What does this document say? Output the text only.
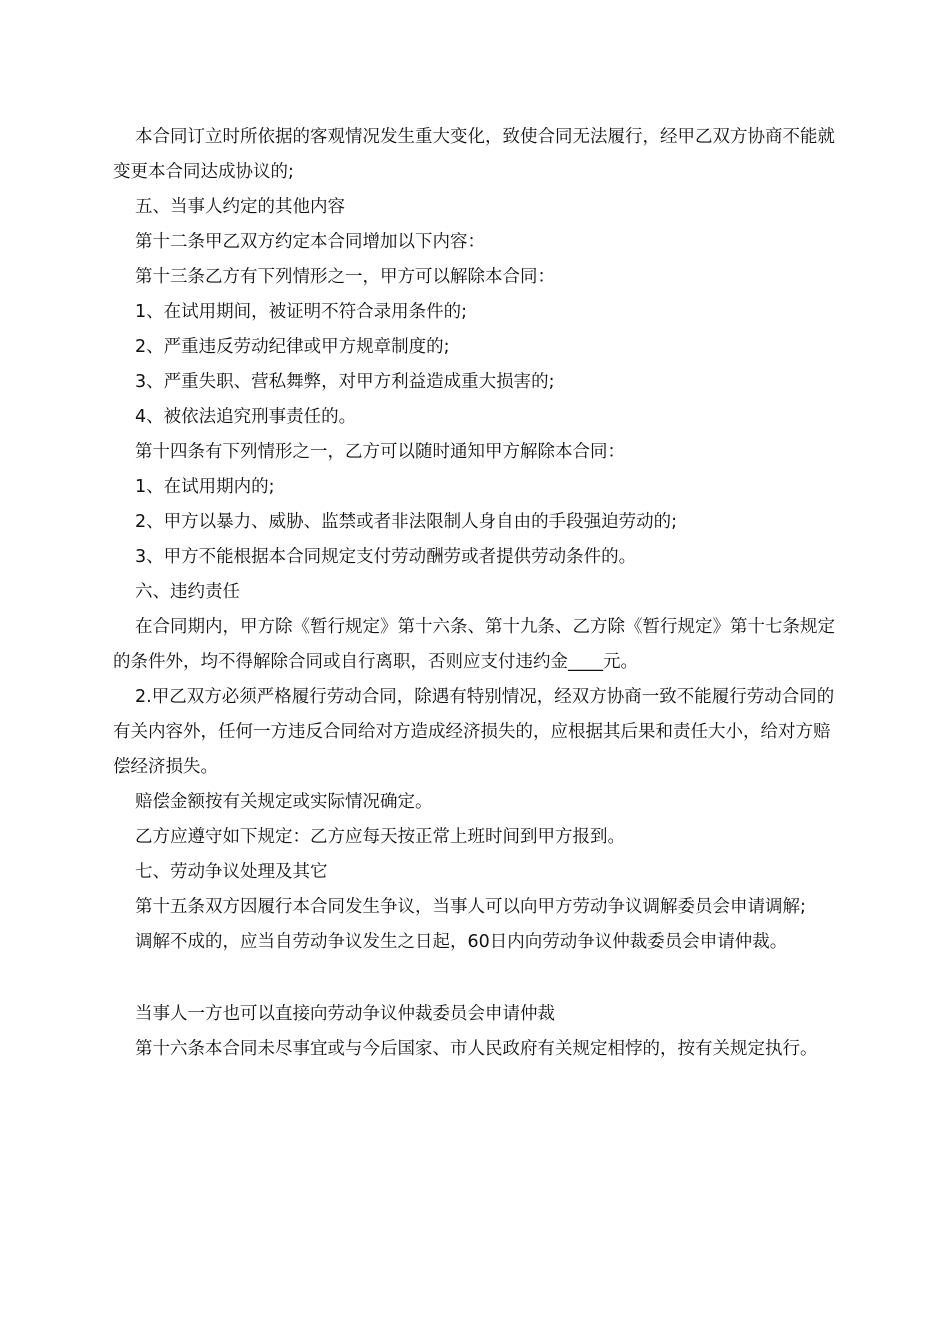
本合同订立时所依据的客观情况发生重大变化，致使合同无法履行，经甲乙双方协商不能就变更本合同达成协议的;

五、当事人约定的其他内容

第十二条甲乙双方约定本合同增加以下内容：

第十三条乙方有下列情形之一，甲方可以解除本合同：

1、在试用期间，被证明不符合录用条件的;

2、严重违反劳动纪律或甲方规章制度的;

3、严重失职、营私舞弊，对甲方利益造成重大损害的;

4、被依法追究刑事责任的。

第十四条有下列情形之一，乙方可以随时通知甲方解除本合同：

1、在试用期内的;

2、甲方以暴力、威胁、监禁或者非法限制人身自由的手段强迫劳动的;

3、甲方不能根据本合同规定支付劳动酬劳或者提供劳动条件的。

六、违约责任

在合同期内，甲方除《暂行规定》第十六条、第十九条、乙方除《暂行规定》第十七条规定的条件外，均不得解除合同或自行离职，否则应支付违约金____元。

2.甲乙双方必须严格履行劳动合同，除遇有特别情况，经双方协商一致不能履行劳动合同的有关内容外，任何一方违反合同给对方造成经济损失的，应根据其后果和责任大小，给对方赔偿经济损失。

赔偿金额按有关规定或实际情况确定。

乙方应遵守如下规定：乙方应每天按正常上班时间到甲方报到。

七、劳动争议处理及其它

第十五条双方因履行本合同发生争议，当事人可以向甲方劳动争议调解委员会申请调解;

调解不成的，应当自劳动争议发生之日起，60日内向劳动争议仲裁委员会申请仲裁。

当事人一方也可以直接向劳动争议仲裁委员会申请仲裁

第十六条本合同未尽事宜或与今后国家、市人民政府有关规定相悖的，按有关规定执行。
